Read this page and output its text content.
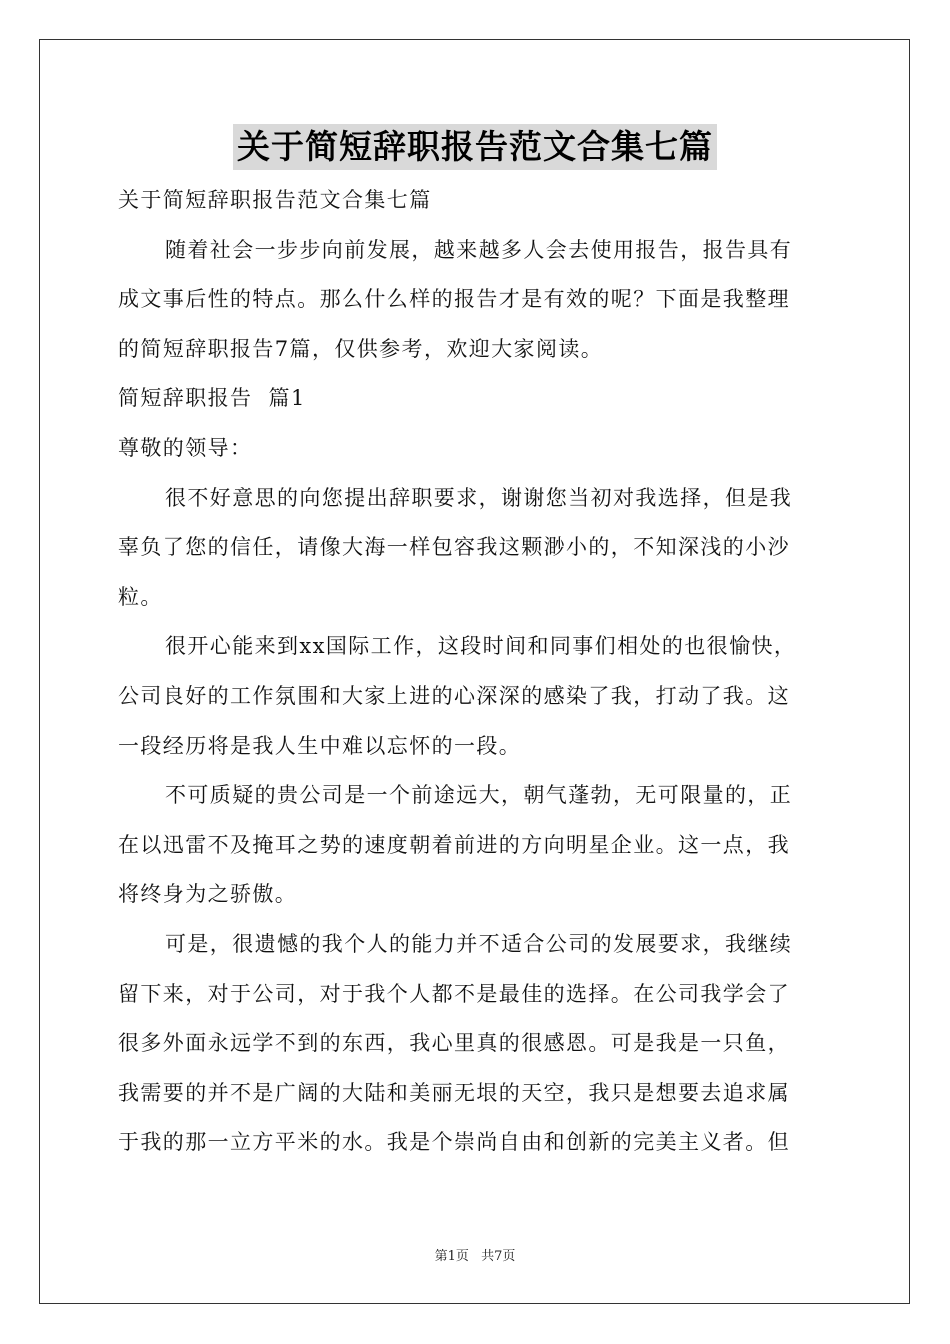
关于简短辞职报告范文合集七篇

关于简短辞职报告范文合集七篇

随着社会一步步向前发展，越来越多人会去使用报告，报告具有

成文事后性的特点。那么什么样的报告才是有效的呢？下面是我整理

的简短辞职报告7篇，仅供参考，欢迎大家阅读。

简短辞职报告  篇1

尊敬的领导：

很不好意思的向您提出辞职要求，谢谢您当初对我选择，但是我

辜负了您的信任，请像大海一样包容我这颗渺小的，不知深浅的小沙

粒。

很开心能来到xx国际工作，这段时间和同事们相处的也很愉快，

公司良好的工作氛围和大家上进的心深深的感染了我，打动了我。这

一段经历将是我人生中难以忘怀的一段。

不可质疑的贵公司是一个前途远大，朝气蓬勃，无可限量的，正

在以迅雷不及掩耳之势的速度朝着前进的方向明星企业。这一点，我

将终身为之骄傲。

可是，很遗憾的我个人的能力并不适合公司的发展要求，我继续

留下来，对于公司，对于我个人都不是最佳的选择。在公司我学会了

很多外面永远学不到的东西，我心里真的很感恩。可是我是一只鱼，

我需要的并不是广阔的大陆和美丽无垠的天空，我只是想要去追求属

于我的那一立方平米的水。我是个崇尚自由和创新的完美主义者。但

第1页 共7页
